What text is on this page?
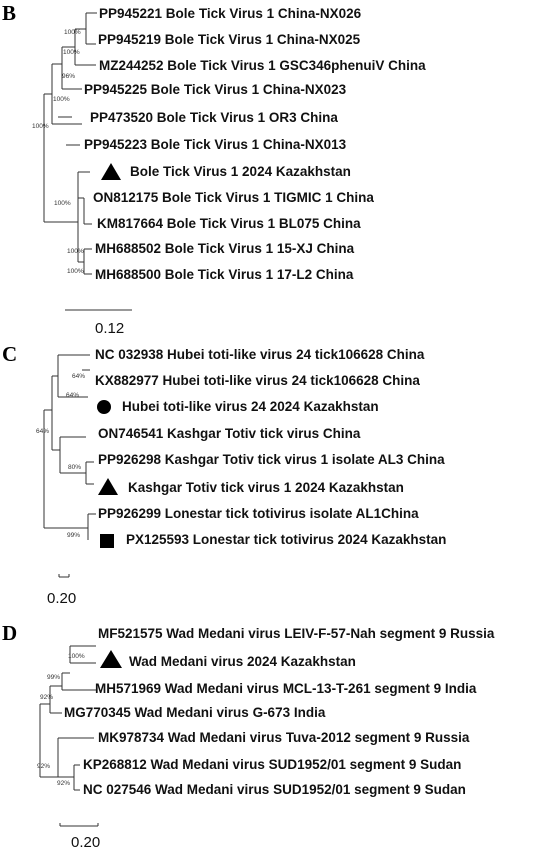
B	PP945221 Bole Tick Virus 1 China-NX026
PP945219 Bole Tick Virus 1 China-NX025
MZ244252 Bole Tick Virus 1 GSC346phenuiV China
PP945225 Bole Tick Virus 1 China-NX023
PP473520 Bole Tick Virus 1 OR3 China
PP945223 Bole Tick Virus 1 China-NX013
Bole Tick Virus 1 2024 Kazakhstan
ON812175 Bole Tick Virus 1 TIGMIC 1 China
KM817664 Bole Tick Virus 1 BL075 China
MH688502 Bole Tick Virus 1 15-XJ China
MH688500 Bole Tick Virus 1 17-L2 China
100%
100%
96%
100%
100%
100%
100%
100%
0.12
C	NC 032938 Hubei toti-like virus 24 tick106628 China
KX882977 Hubei toti-like virus 24 tick106628 China
Hubei toti-like virus 24 2024 Kazakhstan
ON746541 Kashgar Totiv tick virus China
PP926298 Kashgar Totiv tick virus 1 isolate AL3 China
Kashgar Totiv tick virus 1 2024 Kazakhstan
PP926299 Lonestar tick totivirus isolate AL1China
PX125593 Lonestar tick totivirus 2024 Kazakhstan
64%
64%
64%
80%
99%
0.20
D	MF521575 Wad Medani virus LEIV-F-57-Nah segment 9 Russia
Wad Medani virus 2024 Kazakhstan
MH571969 Wad Medani virus MCL-13-T-261 segment 9 India
MG770345 Wad Medani virus G-673 India
MK978734 Wad Medani virus Tuva-2012 segment 9 Russia
KP268812 Wad Medani virus SUD1952/01 segment 9 Sudan
NC 027546 Wad Medani virus SUD1952/01 segment 9 Sudan
100%
99%
92%
92%
92%
0.20
